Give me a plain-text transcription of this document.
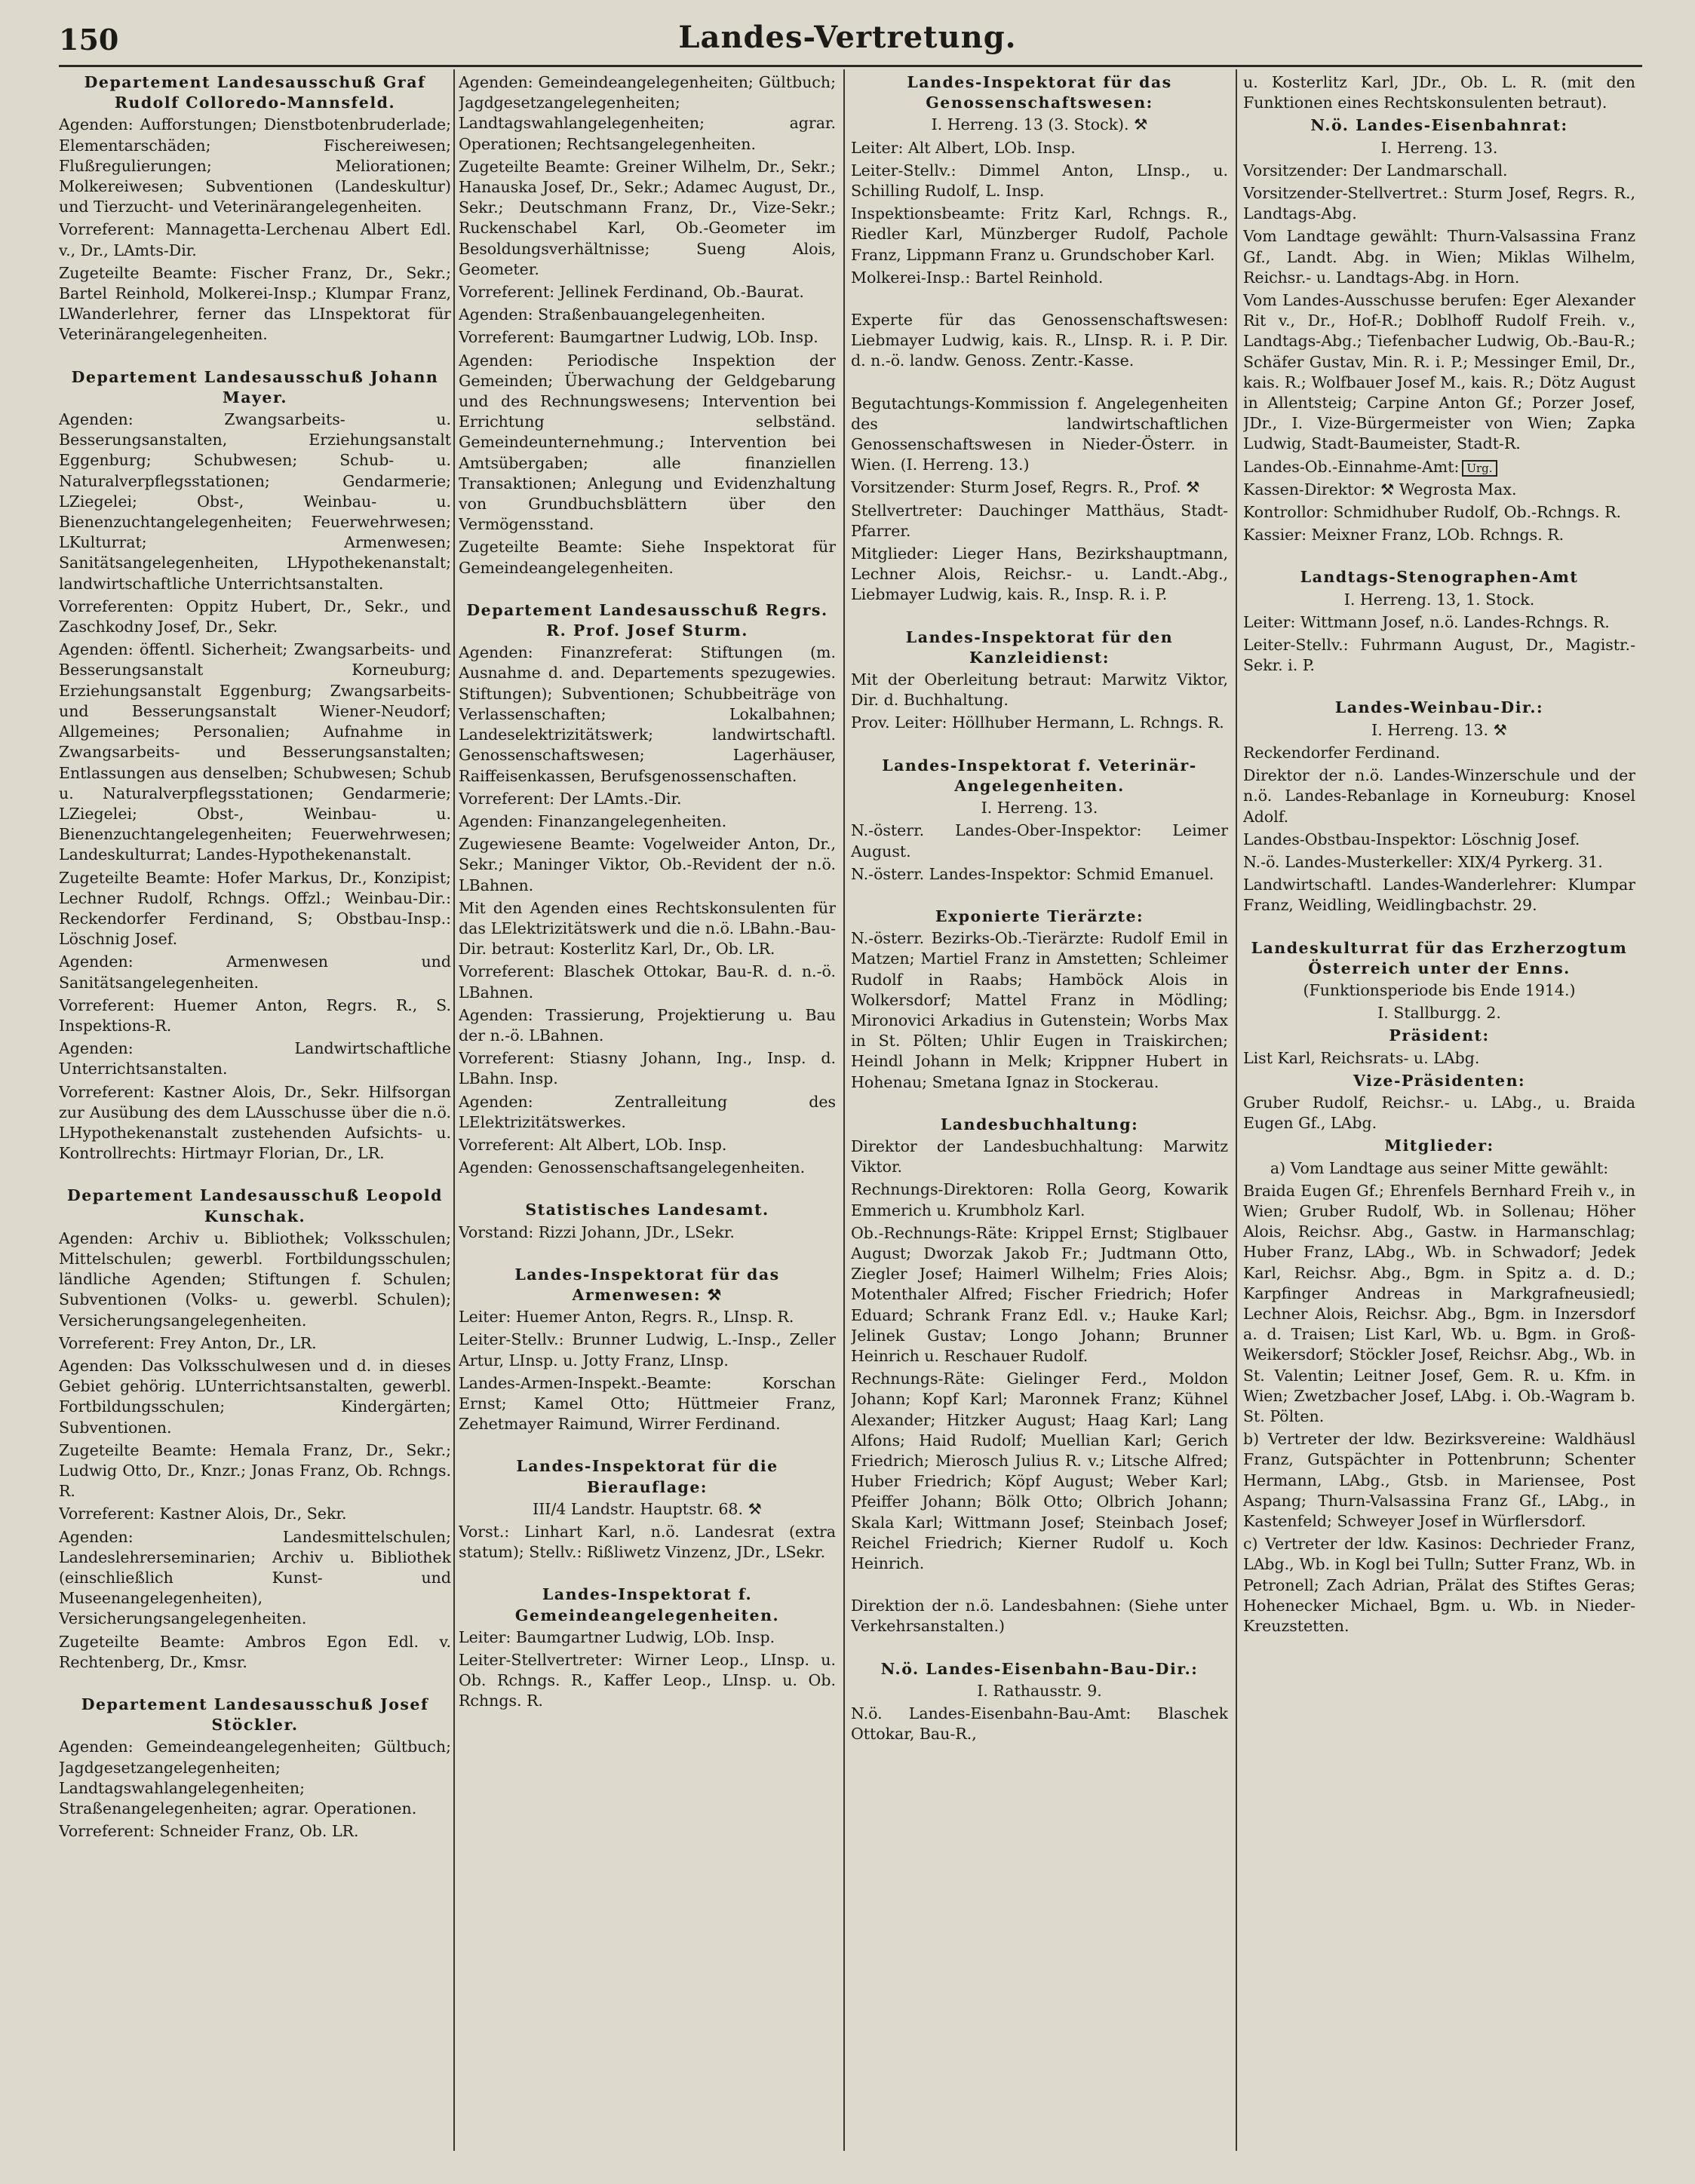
150	Landes-Vertretung.
Departement Landesausschuß Graf Rudolf Colloredo-Mannsfeld.
Agenden: Aufforstungen; Dienstbotenbruderlade; Elementarschäden; Fischereiwesen; Flußregulierungen; Meliorationen; Molkereiwesen; Subventionen (Landeskultur) und Tierzucht- und Veterinärangelegenheiten.
Vorreferent: Mannagetta-Lerchenau Albert Edl. v., Dr., LAmts-Dir.
Zugeteilte Beamte: Fischer Franz, Dr., Sekr.; Bartel Reinhold, Molkerei-Insp.; Klumpar Franz, LWanderlehrer, ferner das LInspektorat für Veterinärangelegenheiten.
Departement Landesausschuß Johann Mayer.
Agenden: Zwangsarbeits- u. Besserungsanstalten, Erziehungsanstalt Eggenburg; Schubwesen; Schub- u. Naturalverpflegsstationen; Gendarmerie; LZiegelei; Obst-, Weinbau- u. Bienenzuchtangelegenheiten; Feuerwehrwesen; LKulturrat; Armenwesen; Sanitätsangelegenheiten, LHypothekenanstalt; landwirtschaftliche Unterrichtsanstalten.
Vorreferenten: Oppitz Hubert, Dr., Sekr., und Zaschkodny Josef, Dr., Sekr.
Agenden: öffentl. Sicherheit; Zwangsarbeits- und Besserungsanstalt Korneuburg; Erziehungsanstalt Eggenburg; Zwangsarbeits- und Besserungsanstalt Wiener-Neudorf; Allgemeines; Personalien; Aufnahme in Zwangsarbeits- und Besserungsanstalten; Entlassungen aus denselben; Schubwesen; Schub u. Naturalverpflegsstationen; Gendarmerie; LZiegelei; Obst-, Weinbau- u. Bienenzuchtangelegenheiten; Feuerwehrwesen; Landeskulturrat; Landes-Hypothekenanstalt.
Zugeteilte Beamte: Hofer Markus, Dr., Konzipist; Lechner Rudolf, Rchngs. Offzl.; Weinbau-Dir.: Reckendorfer Ferdinand, S; Obstbau-Insp.: Löschnig Josef.
Agenden: Armenwesen und Sanitätsangelegenheiten.
Vorreferent: Huemer Anton, Regrs. R., S. Inspektions-R.
Agenden: Landwirtschaftliche Unterrichtsanstalten.
Vorreferent: Kastner Alois, Dr., Sekr. Hilfsorgan zur Ausübung des dem LAusschusse über die n.ö. LHypothekenanstalt zustehenden Aufsichts- u. Kontrollrechts: Hirtmayr Florian, Dr., LR.
Departement Landesausschuß Leopold Kunschak.
Agenden: Archiv u. Bibliothek; Volksschulen; Mittelschulen; gewerbl. Fortbildungsschulen; ländliche Agenden; Stiftungen f. Schulen; Subventionen (Volks- u. gewerbl. Schulen); Versicherungsangelegenheiten.
Vorreferent: Frey Anton, Dr., LR.
Agenden: Das Volksschulwesen und d. in dieses Gebiet gehörig. LUnterrichtsanstalten, gewerbl. Fortbildungsschulen; Kindergärten; Subventionen.
Zugeteilte Beamte: Hemala Franz, Dr., Sekr.; Ludwig Otto, Dr., Knzr.; Jonas Franz, Ob. Rchngs. R.
Vorreferent: Kastner Alois, Dr., Sekr.
Agenden: Landesmittelschulen; Landeslehrerseminarien; Archiv u. Bibliothek (einschließlich Kunst- und Museenangelegenheiten), Versicherungsangelegenheiten.
Zugeteilte Beamte: Ambros Egon Edl. v. Rechtenberg, Dr., Kmsr.
Departement Landesausschuß Josef Stöckler.
Agenden: Gemeindeangelegenheiten; Gültbuch; Jagdgesetzangelegenheiten; Landtagswahlangelegenheiten; Straßenangelegenheiten; agrar. Operationen.
Vorreferent: Schneider Franz, Ob. LR.
Agenden: Gemeindeangelegenheiten; Gültbuch; Jagdgesetzangelegenheiten; Landtagswahlangelegenheiten; agrar. Operationen; Rechtsangelegenheiten.
Zugeteilte Beamte: Greiner Wilhelm, Dr., Sekr.; Hanauska Josef, Dr., Sekr.; Adamec August, Dr., Sekr.; Deutschmann Franz, Dr., Vize-Sekr.; Ruckenschabel Karl, Ob.-Geometer im Besoldungsverhältnisse; Sueng Alois, Geometer.
Vorreferent: Jellinek Ferdinand, Ob.-Baurat.
Agenden: Straßenbauangelegenheiten.
Vorreferent: Baumgartner Ludwig, LOb. Insp.
Agenden: Periodische Inspektion der Gemeinden; Überwachung der Geldgebarung und des Rechnungswesens; Intervention bei Errichtung selbständ. Gemeindeunternehmung.; Intervention bei Amtsübergaben; alle finanziellen Transaktionen; Anlegung und Evidenzhaltung von Grundbuchsblättern über den Vermögensstand.
Zugeteilte Beamte: Siehe Inspektorat für Gemeindeangelegenheiten.
Departement Landesausschuß Regrs. R. Prof. Josef Sturm.
Agenden: Finanzreferat: Stiftungen (m. Ausnahme d. and. Departements spezugewies. Stiftungen); Subventionen; Schubbeiträge von Verlassenschaften; Lokalbahnen; Landeselektrizitätswerk; landwirtschaftl. Genossenschaftswesen; Lagerhäuser, Raiffeisenkassen, Berufsgenossenschaften.
Vorreferent: Der LAmts.-Dir.
Agenden: Finanzangelegenheiten.
Zugewiesene Beamte: Vogelweider Anton, Dr., Sekr.; Maninger Viktor, Ob.-Revident der n.ö. LBahnen.
Mit den Agenden eines Rechtskonsulenten für das LElektrizitätswerk und die n.ö. LBahn.-Bau-Dir. betraut: Kosterlitz Karl, Dr., Ob. LR.
Vorreferent: Blaschek Ottokar, Bau-R. d. n.-ö. LBahnen.
Agenden: Trassierung, Projektierung u. Bau der n.-ö. LBahnen.
Vorreferent: Stiasny Johann, Ing., Insp. d. LBahn. Insp.
Agenden: Zentralleitung des LElektrizitätswerkes.
Vorreferent: Alt Albert, LOb. Insp.
Agenden: Genossenschaftsangelegenheiten.
Statistisches Landesamt.
Vorstand: Rizzi Johann, JDr., LSekr.
Landes-Inspektorat für das Armenwesen: ⚒
Leiter: Huemer Anton, Regrs. R., LInsp. R.
Leiter-Stellv.: Brunner Ludwig, L.-Insp., Zeller Artur, LInsp. u. Jotty Franz, LInsp.
Landes-Armen-Inspekt.-Beamte: Korschan Ernst; Kamel Otto; Hüttmeier Franz, Zehetmayer Raimund, Wirrer Ferdinand.
Landes-Inspektorat für die Bierauflage:
III/4 Landstr. Hauptstr. 68. ⚒
Vorst.: Linhart Karl, n.ö. Landesrat (extra statum); Stellv.: Rißliwetz Vinzenz, JDr., LSekr.
Landes-Inspektorat f. Gemeindeangelegenheiten.
Leiter: Baumgartner Ludwig, LOb. Insp.
Leiter-Stellvertreter: Wirner Leop., LInsp. u. Ob. Rchngs. R., Kaffer Leop., LInsp. u. Ob. Rchngs. R.
Landes-Inspektorat für das Genossenschaftswesen:
I. Herreng. 13 (3. Stock). ⚒
Leiter: Alt Albert, LOb. Insp.
Leiter-Stellv.: Dimmel Anton, LInsp., u. Schilling Rudolf, L. Insp.
Inspektionsbeamte: Fritz Karl, Rchngs. R., Riedler Karl, Münzberger Rudolf, Pachole Franz, Lippmann Franz u. Grundschober Karl.
Molkerei-Insp.: Bartel Reinhold.
Experte für das Genossenschaftswesen: Liebmayer Ludwig, kais. R., LInsp. R. i. P. Dir. d. n.-ö. landw. Genoss. Zentr.-Kasse.
Begutachtungs-Kommission f. Angelegenheiten des landwirtschaftlichen Genossenschaftswesen in Nieder-Österr. in Wien. (I. Herreng. 13.)
Vorsitzender: Sturm Josef, Regrs. R., Prof. ⚒
Stellvertreter: Dauchinger Matthäus, Stadt-Pfarrer.
Mitglieder: Lieger Hans, Bezirkshauptmann, Lechner Alois, Reichsr.- u. Landt.-Abg., Liebmayer Ludwig, kais. R., Insp. R. i. P.
Landes-Inspektorat für den Kanzleidienst:
Mit der Oberleitung betraut: Marwitz Viktor, Dir. d. Buchhaltung.
Prov. Leiter: Höllhuber Hermann, L. Rchngs. R.
Landes-Inspektorat f. Veterinär-Angelegenheiten.
I. Herreng. 13.
N.-österr. Landes-Ober-Inspektor: Leimer August.
N.-österr. Landes-Inspektor: Schmid Emanuel.
Exponierte Tierärzte:
N.-österr. Bezirks-Ob.-Tierärzte: Rudolf Emil in Matzen; Martiel Franz in Amstetten; Schleimer Rudolf in Raabs; Hamböck Alois in Wolkersdorf; Mattel Franz in Mödling; Mironovici Arkadius in Gutenstein; Worbs Max in St. Pölten; Uhlir Eugen in Traiskirchen; Heindl Johann in Melk; Krippner Hubert in Hohenau; Smetana Ignaz in Stockerau.
Landesbuchhaltung:
Direktor der Landesbuchhaltung: Marwitz Viktor.
Rechnungs-Direktoren: Rolla Georg, Kowarik Emmerich u. Krumbholz Karl.
Ob.-Rechnungs-Räte: Krippel Ernst; Stiglbauer August; Dworzak Jakob Fr.; Judtmann Otto, Ziegler Josef; Haimerl Wilhelm; Fries Alois; Motenthaler Alfred; Fischer Friedrich; Hofer Eduard; Schrank Franz Edl. v.; Hauke Karl; Jelinek Gustav; Longo Johann; Brunner Heinrich u. Reschauer Rudolf.
Rechnungs-Räte: Gielinger Ferd., Moldon Johann; Kopf Karl; Maronnek Franz; Kühnel Alexander; Hitzker August; Haag Karl; Lang Alfons; Haid Rudolf; Muellian Karl; Gerich Friedrich; Mierosch Julius R. v.; Litsche Alfred; Huber Friedrich; Köpf August; Weber Karl; Pfeiffer Johann; Bölk Otto; Olbrich Johann; Skala Karl; Wittmann Josef; Steinbach Josef; Reichel Friedrich; Kierner Rudolf u. Koch Heinrich.
Direktion der n.ö. Landesbahnen: (Siehe unter Verkehrsanstalten.)
N.ö. Landes-Eisenbahn-Bau-Dir.:
I. Rathausstr. 9.
N.ö. Landes-Eisenbahn-Bau-Amt: Blaschek Ottokar, Bau-R.,
u. Kosterlitz Karl, JDr., Ob. L. R. (mit den Funktionen eines Rechtskonsulenten betraut).
N.ö. Landes-Eisenbahnrat:
I. Herreng. 13.
Vorsitzender: Der Landmarschall.
Vorsitzender-Stellvertret.: Sturm Josef, Regrs. R., Landtags-Abg.
Vom Landtage gewählt: Thurn-Valsassina Franz Gf., Landt. Abg. in Wien; Miklas Wilhelm, Reichsr.- u. Landtags-Abg. in Horn.
Vom Landes-Ausschusse berufen: Eger Alexander Rit v., Dr., Hof-R.; Doblhoff Rudolf Freih. v., Landtags-Abg.; Tiefenbacher Ludwig, Ob.-Bau-R.; Schäfer Gustav, Min. R. i. P.; Messinger Emil, Dr., kais. R.; Wolfbauer Josef M., kais. R.; Dötz August in Allentsteig; Carpine Anton Gf.; Porzer Josef, JDr., I. Vize-Bürgermeister von Wien; Zapka Ludwig, Stadt-Baumeister, Stadt-R.
Landes-Ob.-Einnahme-Amt: Urg.
Kassen-Direktor: ⚒ Wegrosta Max.
Kontrollor: Schmidhuber Rudolf, Ob.-Rchngs. R.
Kassier: Meixner Franz, LOb. Rchngs. R.
Landtags-Stenographen-Amt
I. Herreng. 13, 1. Stock.
Leiter: Wittmann Josef, n.ö. Landes-Rchngs. R.
Leiter-Stellv.: Fuhrmann August, Dr., Magistr.-Sekr. i. P.
Landes-Weinbau-Dir.:
I. Herreng. 13. ⚒
Reckendorfer Ferdinand.
Direktor der n.ö. Landes-Winzerschule und der n.ö. Landes-Rebanlage in Korneuburg: Knosel Adolf.
Landes-Obstbau-Inspektor: Löschnig Josef.
N.-ö. Landes-Musterkeller: XIX/4 Pyrkerg. 31.
Landwirtschaftl. Landes-Wanderlehrer: Klumpar Franz, Weidling, Weidlingbachstr. 29.
Landeskulturrat für das Erzherzogtum Österreich unter der Enns.
(Funktionsperiode bis Ende 1914.)
I. Stallburgg. 2.
Präsident:
List Karl, Reichsrats- u. LAbg.
Vize-Präsidenten:
Gruber Rudolf, Reichsr.- u. LAbg., u. Braida Eugen Gf., LAbg.
Mitglieder:
a) Vom Landtage aus seiner Mitte gewählt:
Braida Eugen Gf.; Ehrenfels Bernhard Freih v., in Wien; Gruber Rudolf, Wb. in Sollenau; Höher Alois, Reichsr. Abg., Gastw. in Harmanschlag; Huber Franz, LAbg., Wb. in Schwadorf; Jedek Karl, Reichsr. Abg., Bgm. in Spitz a. d. D.; Karpfinger Andreas in Markgrafneusiedl; Lechner Alois, Reichsr. Abg., Bgm. in Inzersdorf a. d. Traisen; List Karl, Wb. u. Bgm. in Groß-Weikersdorf; Stöckler Josef, Reichsr. Abg., Wb. in St. Valentin; Leitner Josef, Gem. R. u. Kfm. in Wien; Zwetzbacher Josef, LAbg. i. Ob.-Wagram b. St. Pölten.
b) Vertreter der ldw. Bezirksvereine: Waldhäusl Franz, Gutspächter in Pottenbrunn; Schenter Hermann, LAbg., Gtsb. in Mariensee, Post Aspang; Thurn-Valsassina Franz Gf., LAbg., in Kastenfeld; Schweyer Josef in Würflersdorf.
c) Vertreter der ldw. Kasinos: Dechrieder Franz, LAbg., Wb. in Kogl bei Tulln; Sutter Franz, Wb. in Petronell; Zach Adrian, Prälat des Stiftes Geras; Hohenecker Michael, Bgm. u. Wb. in Nieder-Kreuzstetten.
